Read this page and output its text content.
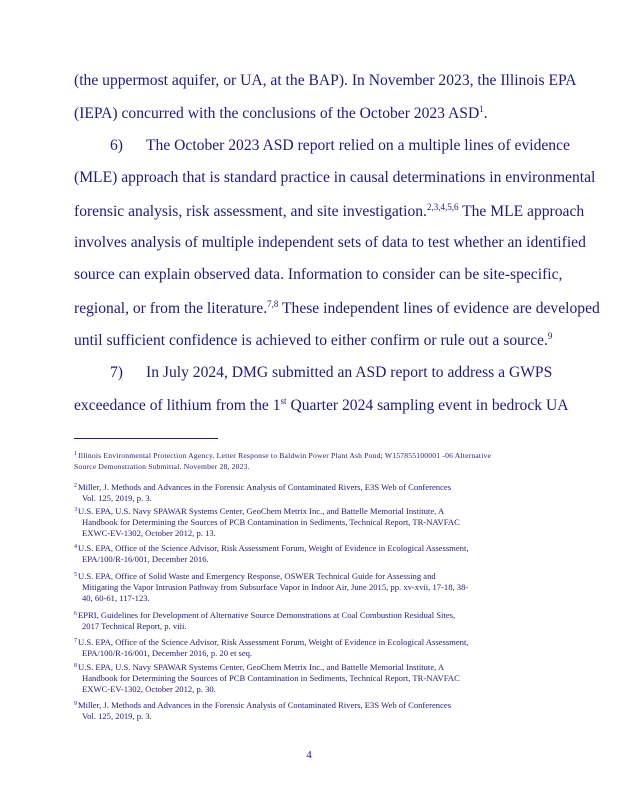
(the uppermost aquifer, or UA, at the BAP). In November 2023, the Illinois EPA
(IEPA) concurred with the conclusions of the October 2023 ASD$^1$.
6) The October 2023 ASD report relied on a multiple lines of evidence
(MLE) approach that is standard practice in causal determinations in environmental
forensic analysis, risk assessment, and site investigation.$^{2,3,4,5,6}$ The MLE approach
involves analysis of multiple independent sets of data to test whether an identified
source can explain observed data. Information to consider can be site-specific,
regional, or from the literature.$^{7,8}$ These independent lines of evidence are developed
until sufficient confidence is achieved to either confirm or rule out a source.$^9$
7) In July 2024, DMG submitted an ASD report to address a GWPS
exceedance of lithium from the 1st Quarter 2024 sampling event in bedrock UA
$^1$Illinois Environmental Protection Agency. Letter Response to Baldwin Power Plant Ash Pond; W157855100001 -06 Alternative
Source Demonstration Submittal. November 28, 2023.
$^2$Miller, J. Methods and Advances in the Forensic Analysis of Contaminated Rivers, E3S Web of Conferences
Vol. 125, 2019, p. 3.
$^3$U.S. EPA, U.S. Navy SPAWAR Systems Center, GeoChem Metrix Inc., and Battelle Memorial Institute, A
Handbook for Determining the Sources of PCB Contamination in Sediments, Technical Report, TR-NAVFAC
EXWC-EV-1302, October 2012, p. 13.
$^4$U.S. EPA, Office of the Science Advisor, Risk Assessment Forum, Weight of Evidence in Ecological Assessment,
EPA/100/R-16/001, December 2016.
$^5$U.S. EPA, Office of Solid Waste and Emergency Response, OSWER Technical Guide for Assessing and
Mitigating the Vapor Intrusion Pathway from Subsurface Vapor in Indoor Air, June 2015, pp. xv-xvii, 17-18, 38-
40, 60-61, 117-123.
$^6$EPRI, Guidelines for Development of Alternative Source Demonstrations at Coal Combustion Residual Sites,
2017 Technical Report, p. viii.
$^7$U.S. EPA, Office of the Science Advisor, Risk Assessment Forum, Weight of Evidence in Ecological Assessment,
EPA/100/R-16/001, December 2016, p. 20 et seq.
$^8$U.S. EPA, U.S. Navy SPAWAR Systems Center, GeoChem Metrix Inc., and Battelle Memorial Institute, A
Handbook for Determining the Sources of PCB Contamination in Sediments, Technical Report, TR-NAVFAC
EXWC-EV-1302, October 2012, p. 30.
$^9$Miller, J. Methods and Advances in the Forensic Analysis of Contaminated Rivers, E3S Web of Conferences
Vol. 125, 2019, p. 3.
4
